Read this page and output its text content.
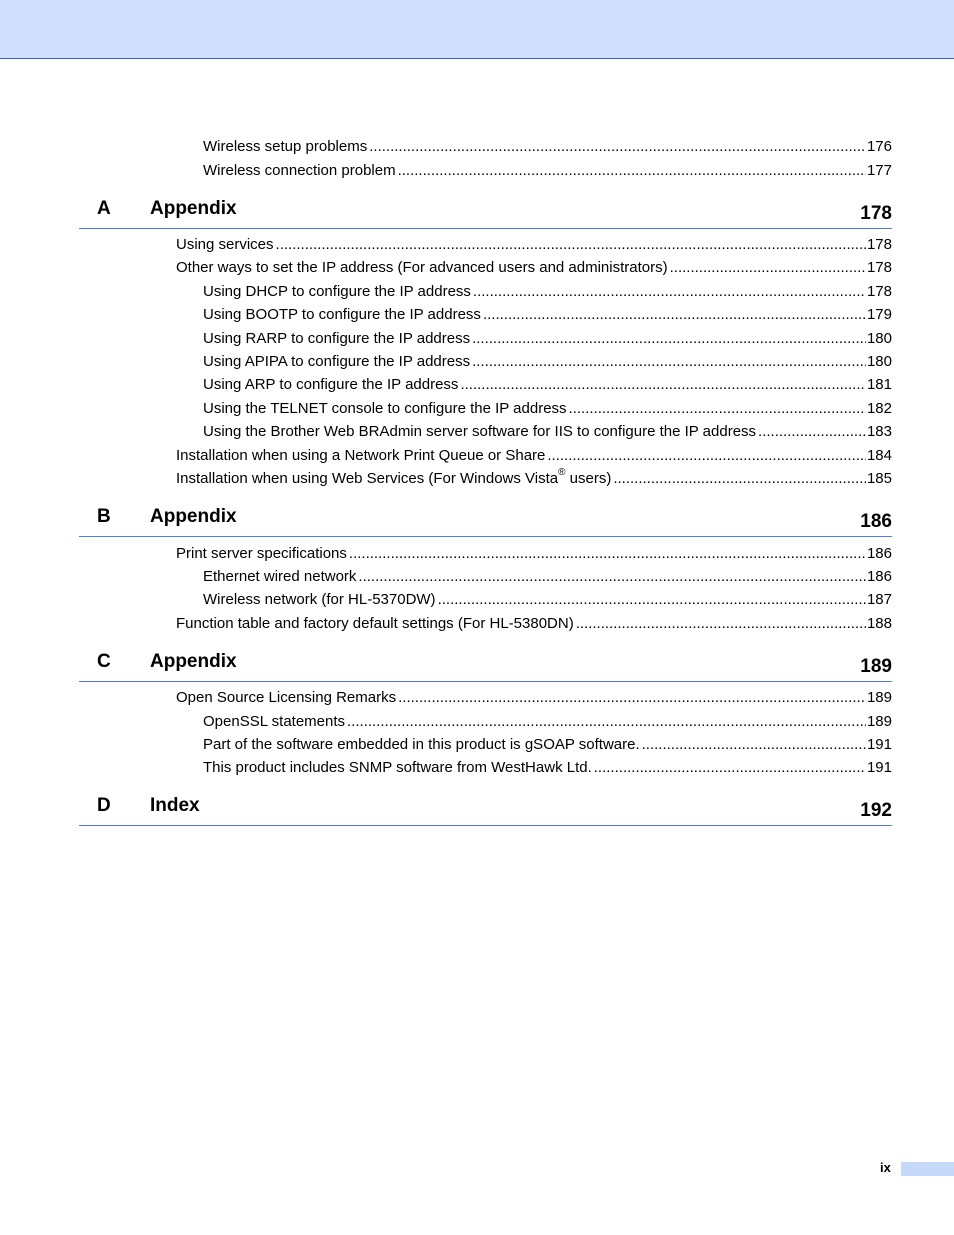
Wireless setup problems .....	176
Wireless connection problem .....	177
A Appendix	178
Using services .....	178
Other ways to set the IP address (For advanced users and administrators) .....	178
Using DHCP to configure the IP address .....	178
Using BOOTP to configure the IP address .....	179
Using RARP to configure the IP address .....	180
Using APIPA to configure the IP address .....	180
Using ARP to configure the IP address .....	181
Using the TELNET console to configure the IP address .....	182
Using the Brother Web BRAdmin server software for IIS to configure the IP address .....	183
Installation when using a Network Print Queue or Share .....	184
Installation when using Web Services (For Windows Vista® users) .....	185
B Appendix	186
Print server specifications .....	186
Ethernet wired network .....	186
Wireless network (for HL-5370DW) .....	187
Function table and factory default settings (For HL-5380DN) .....	188
C Appendix	189
Open Source Licensing Remarks .....	189
OpenSSL statements .....	189
Part of the software embedded in this product is gSOAP software. .....	191
This product includes SNMP software from WestHawk Ltd. .....	191
D Index	192
ix
